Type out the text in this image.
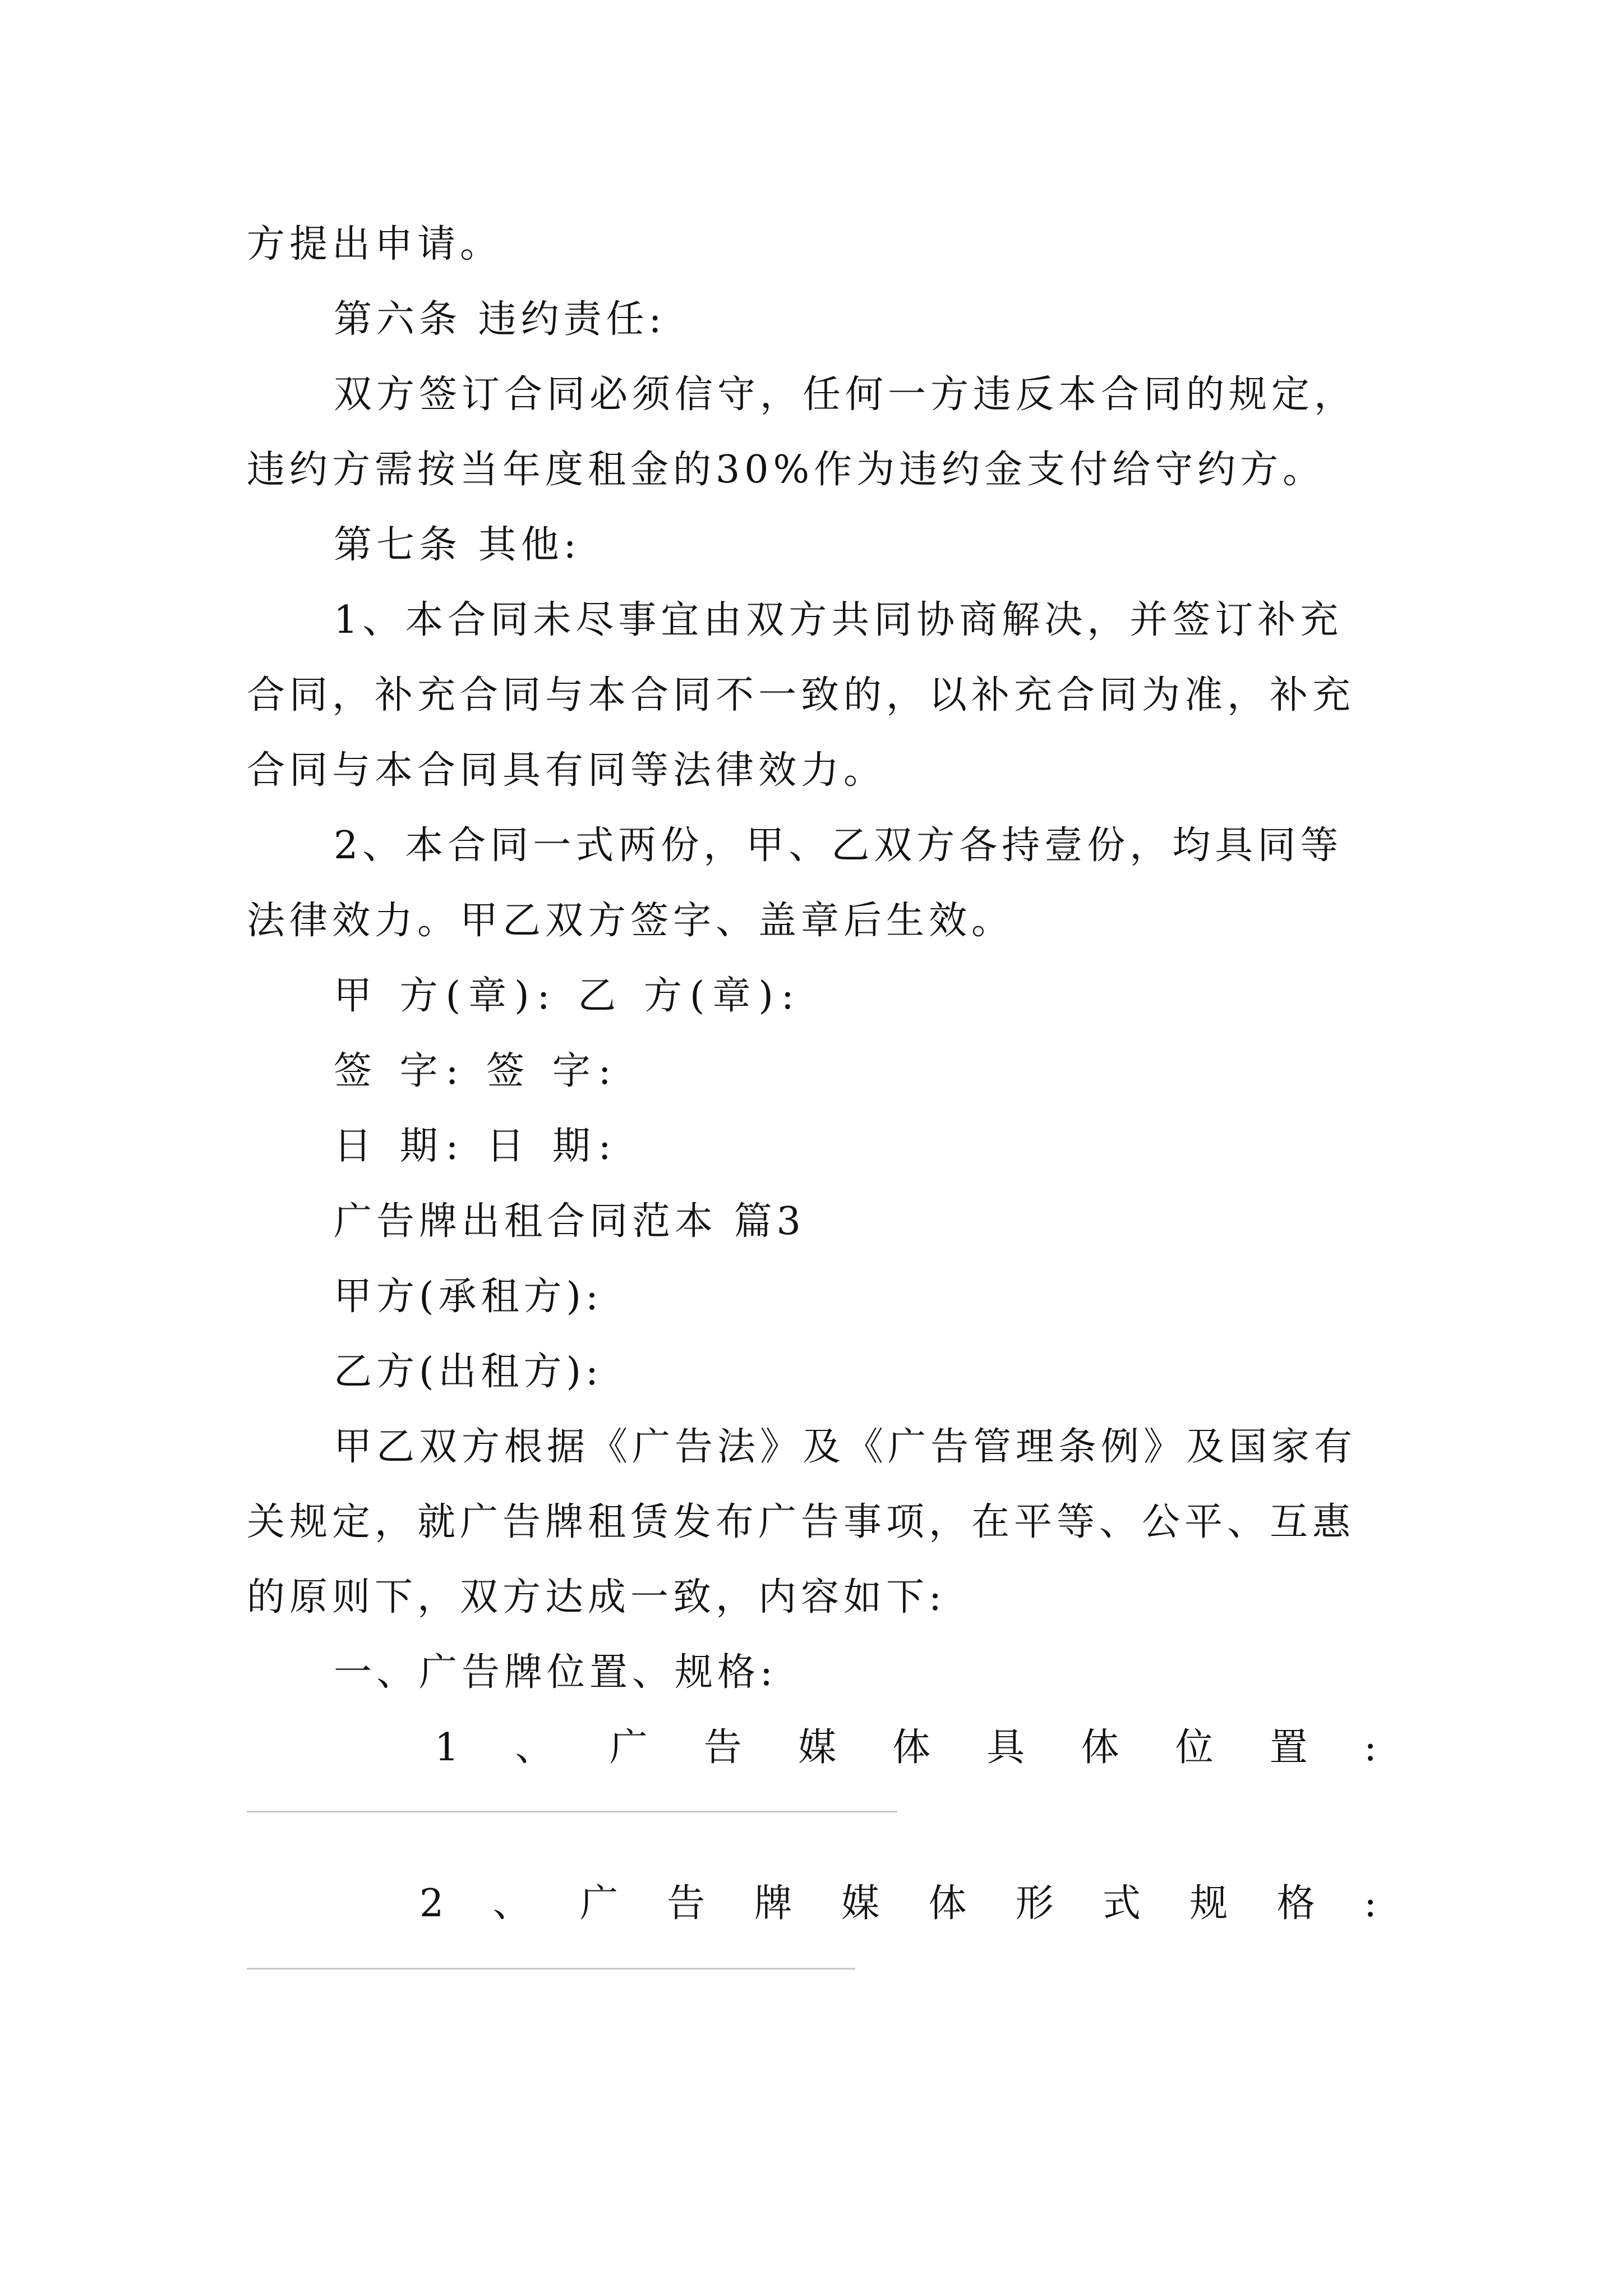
方提出申请。
第六条 违约责任:
双方签订合同必须信守，任何一方违反本合同的规定，
违约方需按当年度租金的30%作为违约金支付给守约方。
第七条 其他:
1、本合同未尽事宜由双方共同协商解决，并签订补充
合同，补充合同与本合同不一致的，以补充合同为准，补充
合同与本合同具有同等法律效力。
2、本合同一式两份，甲、乙双方各持壹份，均具同等
法律效力。甲乙双方签字、盖章后生效。
甲 方(章): 乙 方(章):
签 字: 签 字:
日 期: 日 期:
广告牌出租合同范本 篇3
甲方(承租方):
乙方(出租方):
甲乙双方根据《广告法》及《广告管理条例》及国家有
关规定，就广告牌租赁发布广告事项，在平等、公平、互惠
的原则下，双方达成一致，内容如下:
一、广告牌位置、规格:
1 、 广 告 媒 体 具 体 位 置 :
2 、 广 告 牌 媒 体 形 式 规 格 :
